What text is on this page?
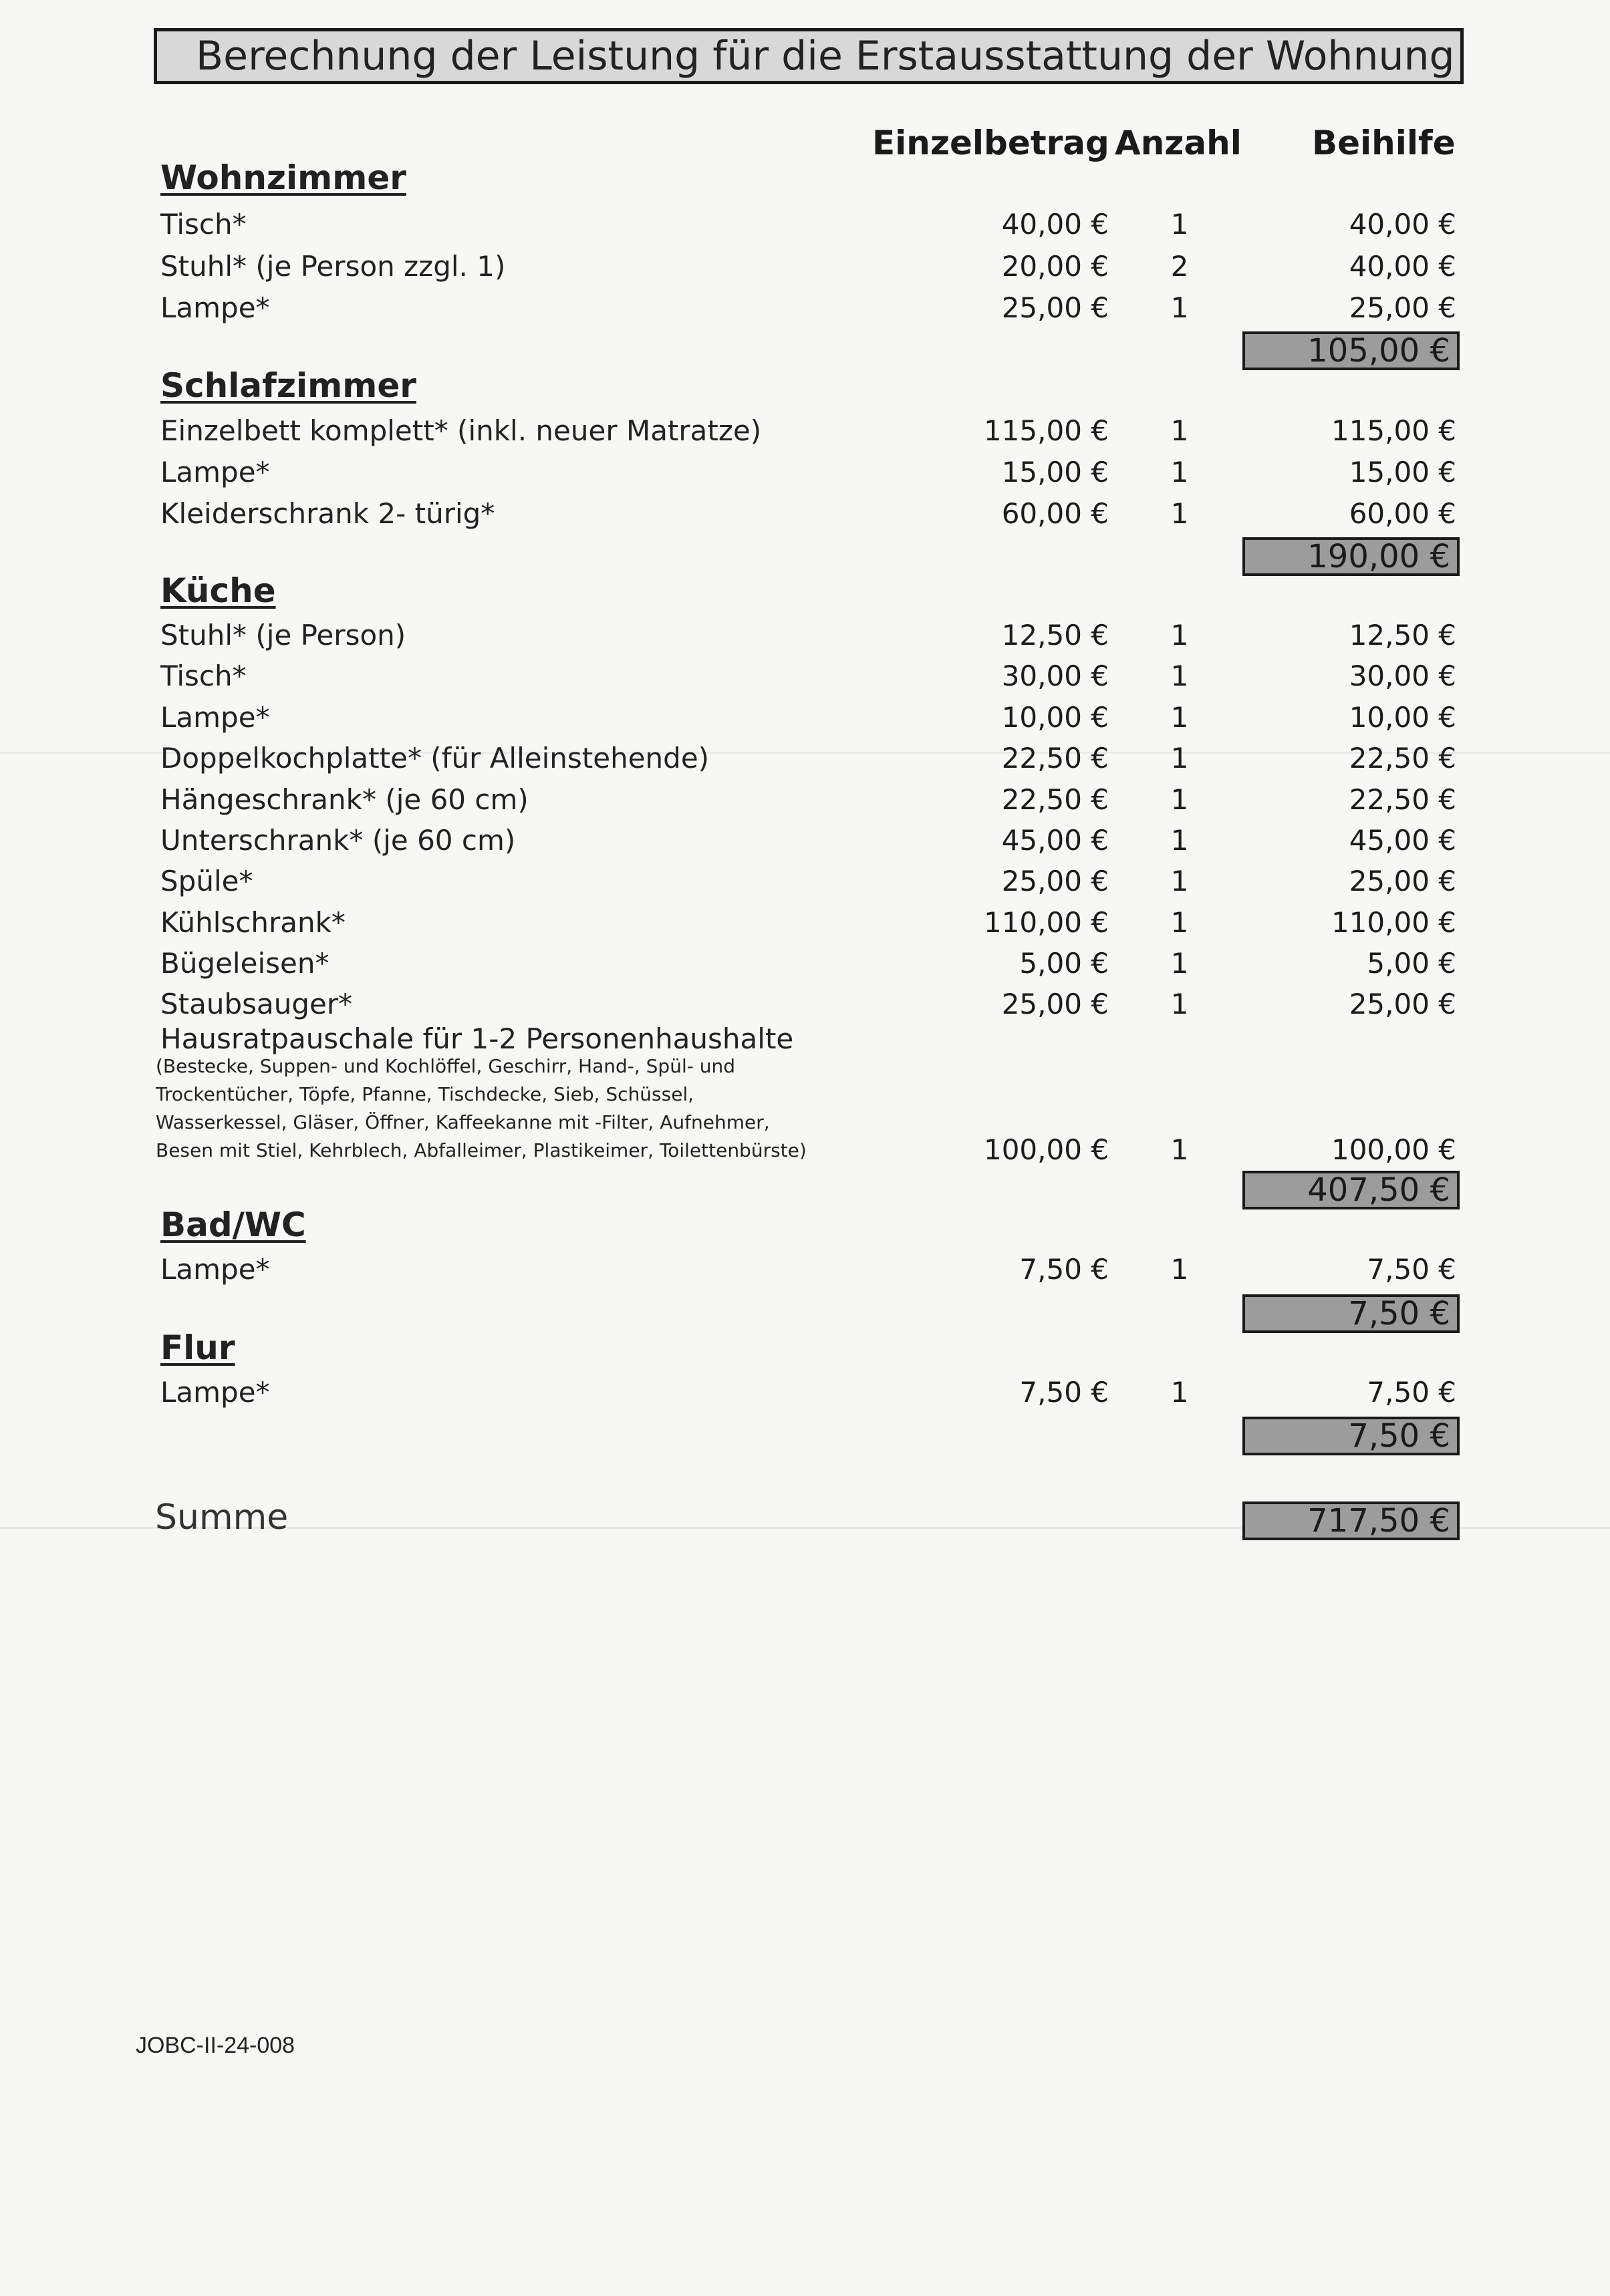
Berechnung der Leistung für die Erstausstattung der Wohnung
Einzelbetrag Anzahl Beihilfe
Wohnzimmer
Tisch*	40,00 € 1	40,00 €
Stuhl* (je Person zzgl. 1)	20,00 € 2	40,00 €
Lampe*	25,00 € 1	25,00 €
105,00 €
Schlafzimmer
Einzelbett komplett* (inkl. neuer Matratze)	115,00 € 1	115,00 €
Lampe*	15,00 € 1	15,00 €
Kleiderschrank 2- türig*	60,00 € 1	60,00 €
190,00 €
Küche
Stuhl* (je Person)	12,50 € 1	12,50 €
Tisch*	30,00 € 1	30,00 €
Lampe*	10,00 € 1	10,00 €
Doppelkochplatte* (für Alleinstehende)	22,50 € 1	22,50 €
Hängeschrank* (je 60 cm)	22,50 € 1	22,50 €
Unterschrank* (je 60 cm)	45,00 € 1	45,00 €
Spüle*	25,00 € 1	25,00 €
Kühlschrank*	110,00 € 1	110,00 €
Bügeleisen*	5,00 € 1	5,00 €
Staubsauger*	25,00 € 1	25,00 €
Hausratpauschale für 1-2 Personenhaushalte
(Bestecke, Suppen- und Kochlöffel, Geschirr, Hand-, Spül- und
Trockentücher, Töpfe, Pfanne, Tischdecke, Sieb, Schüssel,
Wasserkessel, Gläser, Öffner, Kaffeekanne mit -Filter, Aufnehmer,
Besen mit Stiel, Kehrblech, Abfalleimer, Plastikeimer, Toilettenbürste)	100,00 € 1	100,00 €
407,50 €
Bad/WC
Lampe*	7,50 € 1	7,50 €
7,50 €
Flur
Lampe*	7,50 € 1	7,50 €
7,50 €
Summe	717,50 €
JOBC-II-24-008
